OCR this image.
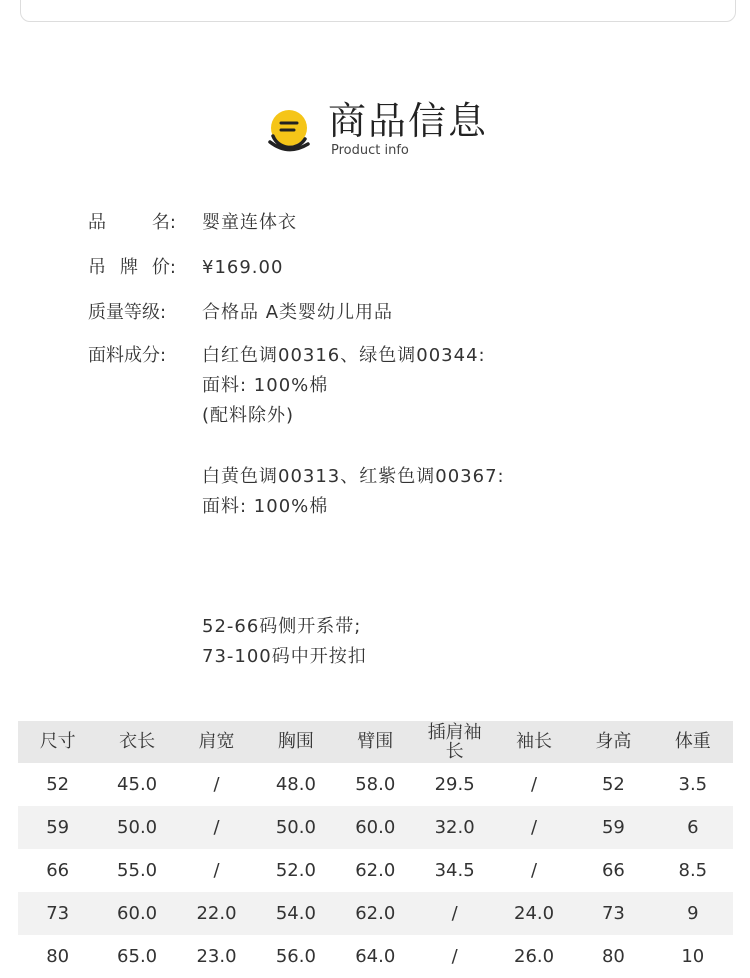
商品信息
Product info
品	名: 婴童连体衣
吊 牌 价: ¥169.00
质量等级:	合格品 A类婴幼儿用品
面料成分:	白红色调00316、绿色调00344:
面料: 100%棉
(配料除外)
白黄色调00313、红紫色调00367:
面料: 100%棉
52-66码侧开系带;
73-100码中开按扣
尺寸	衣长	肩宽	胸围	臂围	插肩袖长	袖长	身高	体重
52	45.0	/	48.0	58.0	29.5	/	52	3.5
59	50.0	/	50.0	60.0	32.0	/	59	6
66	55.0	/	52.0	62.0	34.5	/	66	8.5
73	60.0	22.0	54.0	62.0	/	24.0	73	9
80	65.0	23.0	56.0	64.0	/	26.0	80	10
